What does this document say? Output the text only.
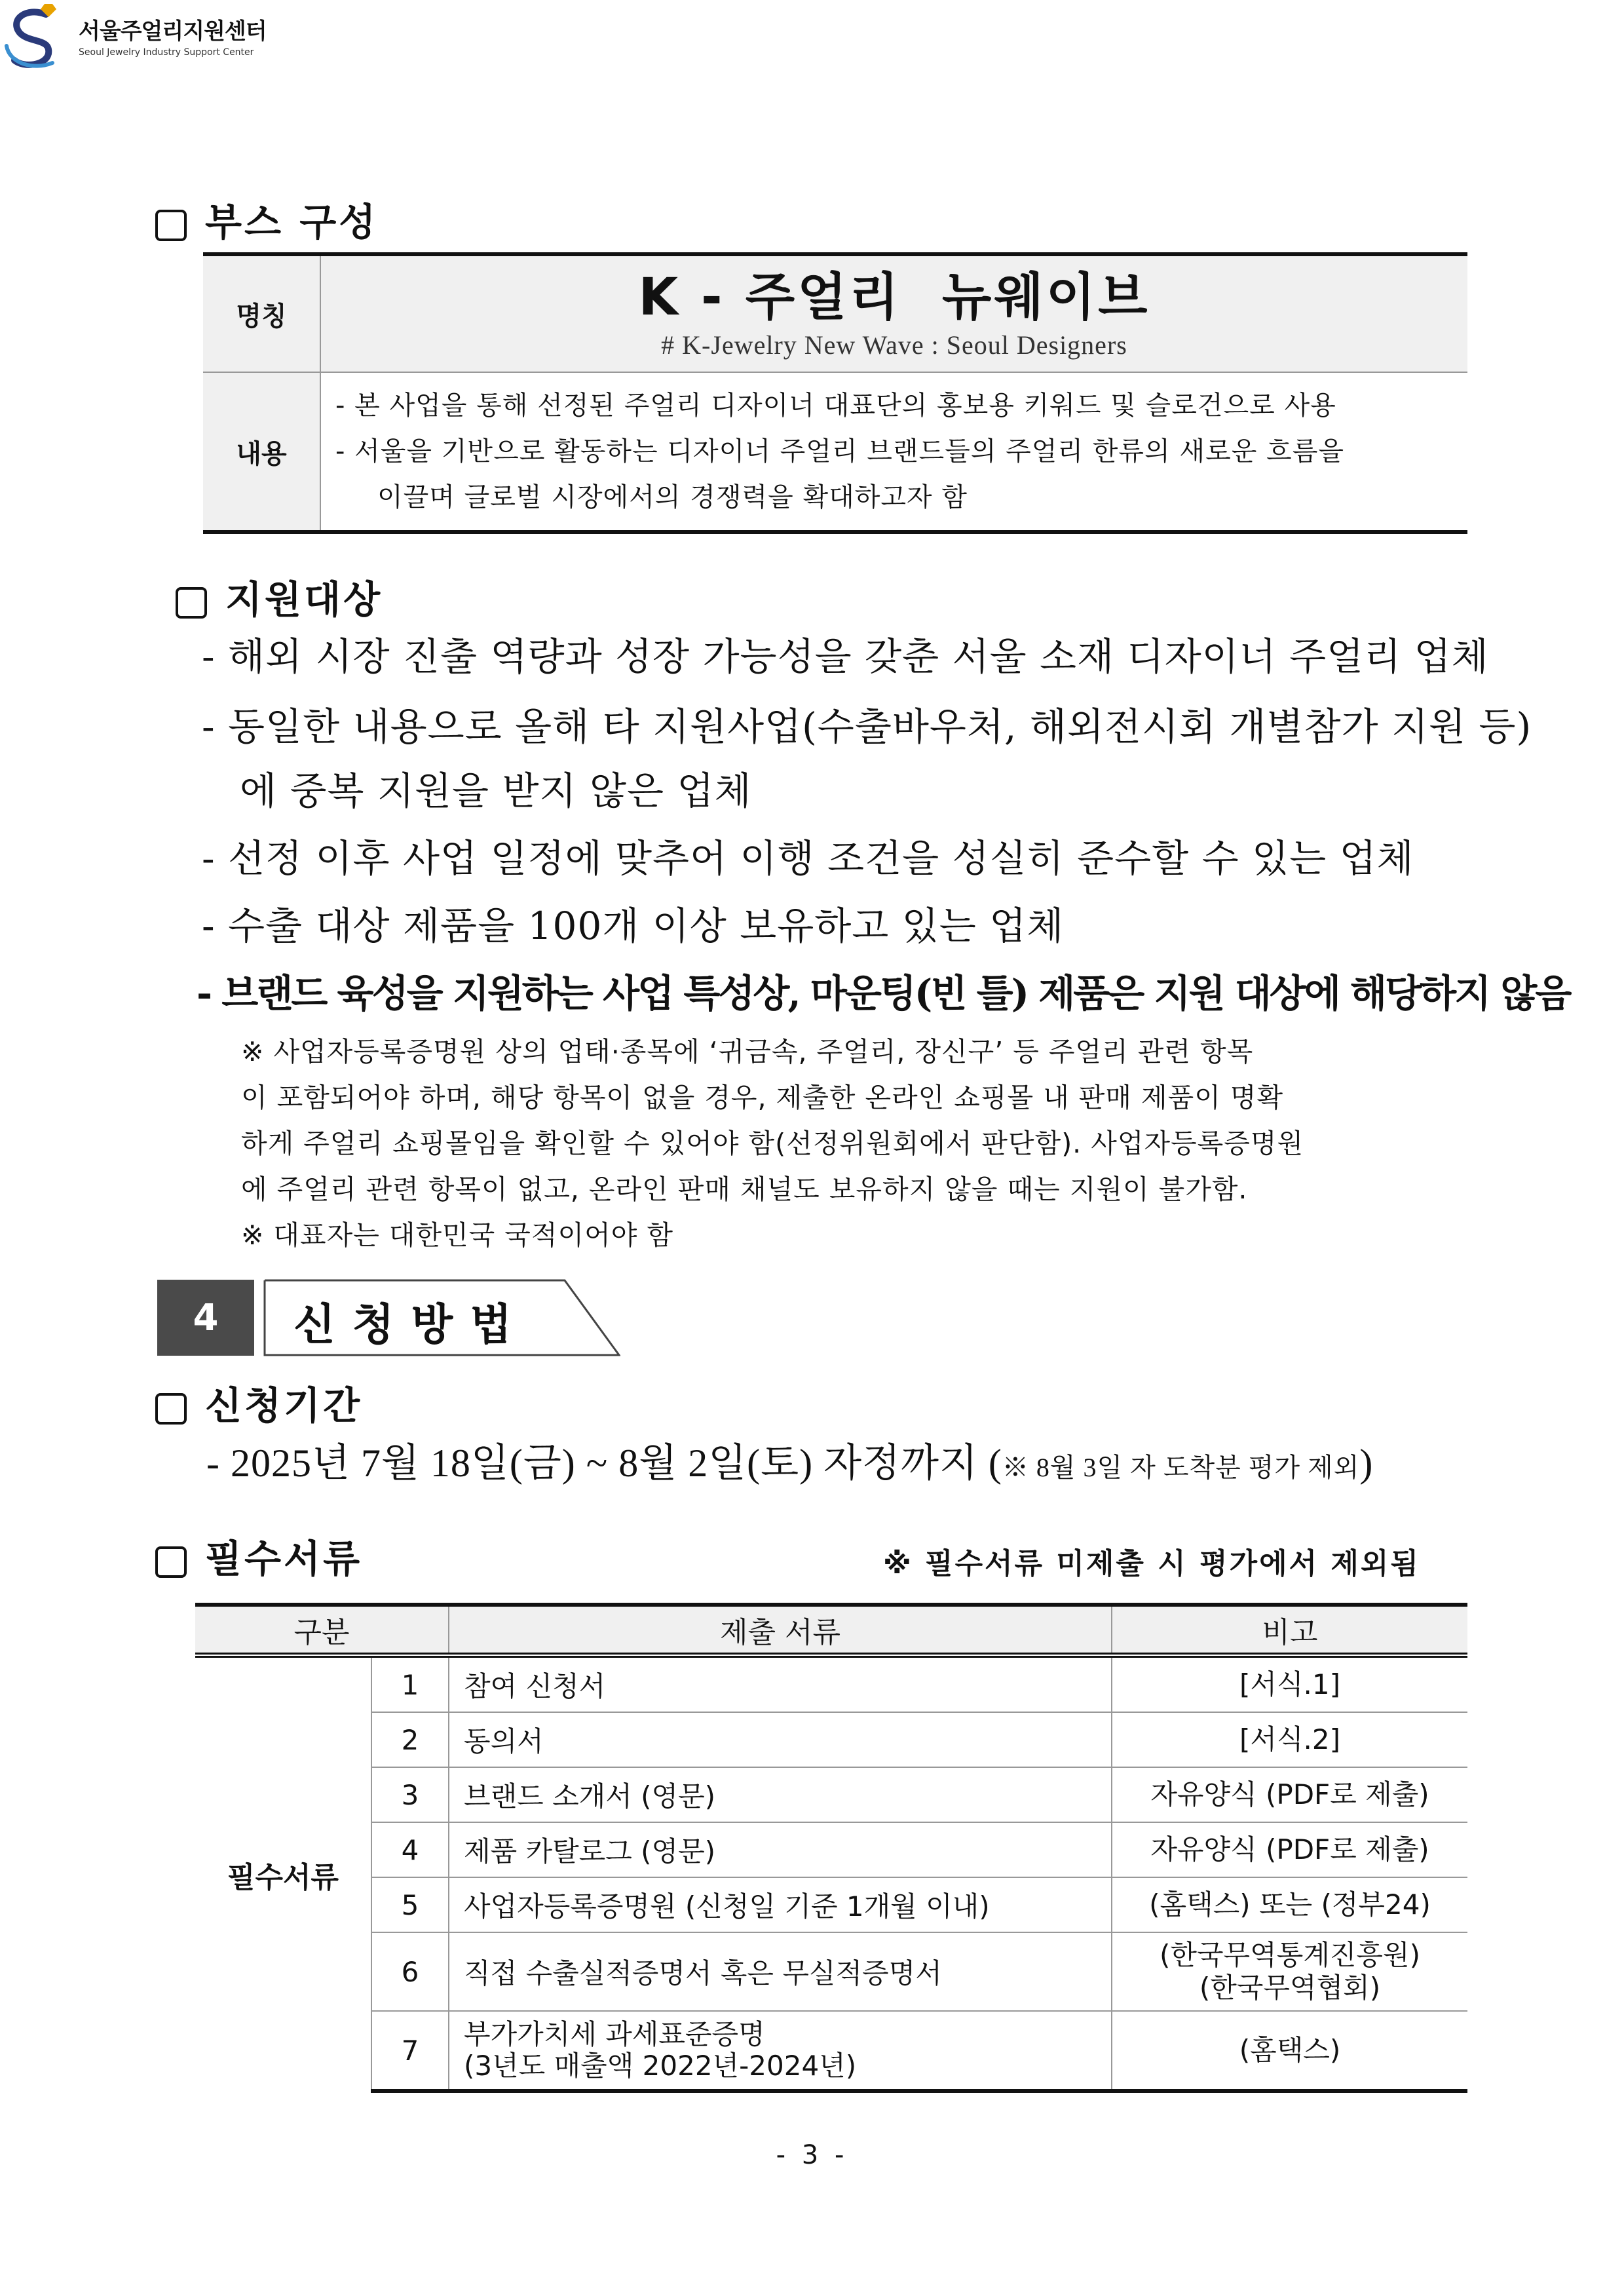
서울주얼리지원센터
Seoul Jewelry Industry Support Center
부스 구성
명칭	K - 주얼리  뉴웨이브
# K-Jewelry New Wave : Seoul Designers

내용	- 본 사업을 통해 선정된 주얼리 디자이너 대표단의 홍보용 키워드 및 슬로건으로 사용
- 서울을 기반으로 활동하는 디자이너 주얼리 브랜드들의 주얼리 한류의 새로운 흐름을
이끌며 글로벌 시장에서의 경쟁력을 확대하고자 함
지원대상
- 해외 시장 진출 역량과 성장 가능성을 갖춘 서울 소재 디자이너 주얼리 업체
- 동일한 내용으로 올해 타 지원사업(수출바우처, 해외전시회 개별참가 지원 등)
에 중복 지원을 받지 않은 업체
- 선정 이후 사업 일정에 맞추어 이행 조건을 성실히 준수할 수 있는 업체
- 수출 대상 제품을 100개 이상 보유하고 있는 업체
- 브랜드 육성을 지원하는 사업 특성상, 마운팅(빈 틀) 제품은 지원 대상에 해당하지 않음
※ 사업자등록증명원 상의 업태·종목에 ‘귀금속, 주얼리, 장신구’ 등 주얼리 관련 항목
이 포함되어야 하며, 해당 항목이 없을 경우, 제출한 온라인 쇼핑몰 내 판매 제품이 명확
하게 주얼리 쇼핑몰임을 확인할 수 있어야 함(선정위원회에서 판단함). 사업자등록증명원
에 주얼리 관련 항목이 없고, 온라인 판매 채널도 보유하지 않을 때는 지원이 불가함.
※ 대표자는 대한민국 국적이어야 함
4	신청방법
신청기간
- 2025년 7월 18일(금) ~ 8월 2일(토) 자정까지 (※ 8월 3일 자 도착분 평가 제외)
필수서류	※ 필수서류 미제출 시 평가에서 제외됨
구분		제출 서류	비고
필수서류	1	참여 신청서	[서식.1]
	2	동의서	[서식.2]
	3	브랜드 소개서 (영문)	자유양식 (PDF로 제출)
	4	제품 카탈로그 (영문)	자유양식 (PDF로 제출)
	5	사업자등록증명원 (신청일 기준 1개월 이내)	(홈택스) 또는 (정부24)
	6	직접 수출실적증명서 혹은 무실적증명서	(한국무역통계진흥원)
(한국무역협회)

	7	부가가치세 과세표준증명
(3년도 매출액 2022년-2024년)	(홈택스)
- 3 -
